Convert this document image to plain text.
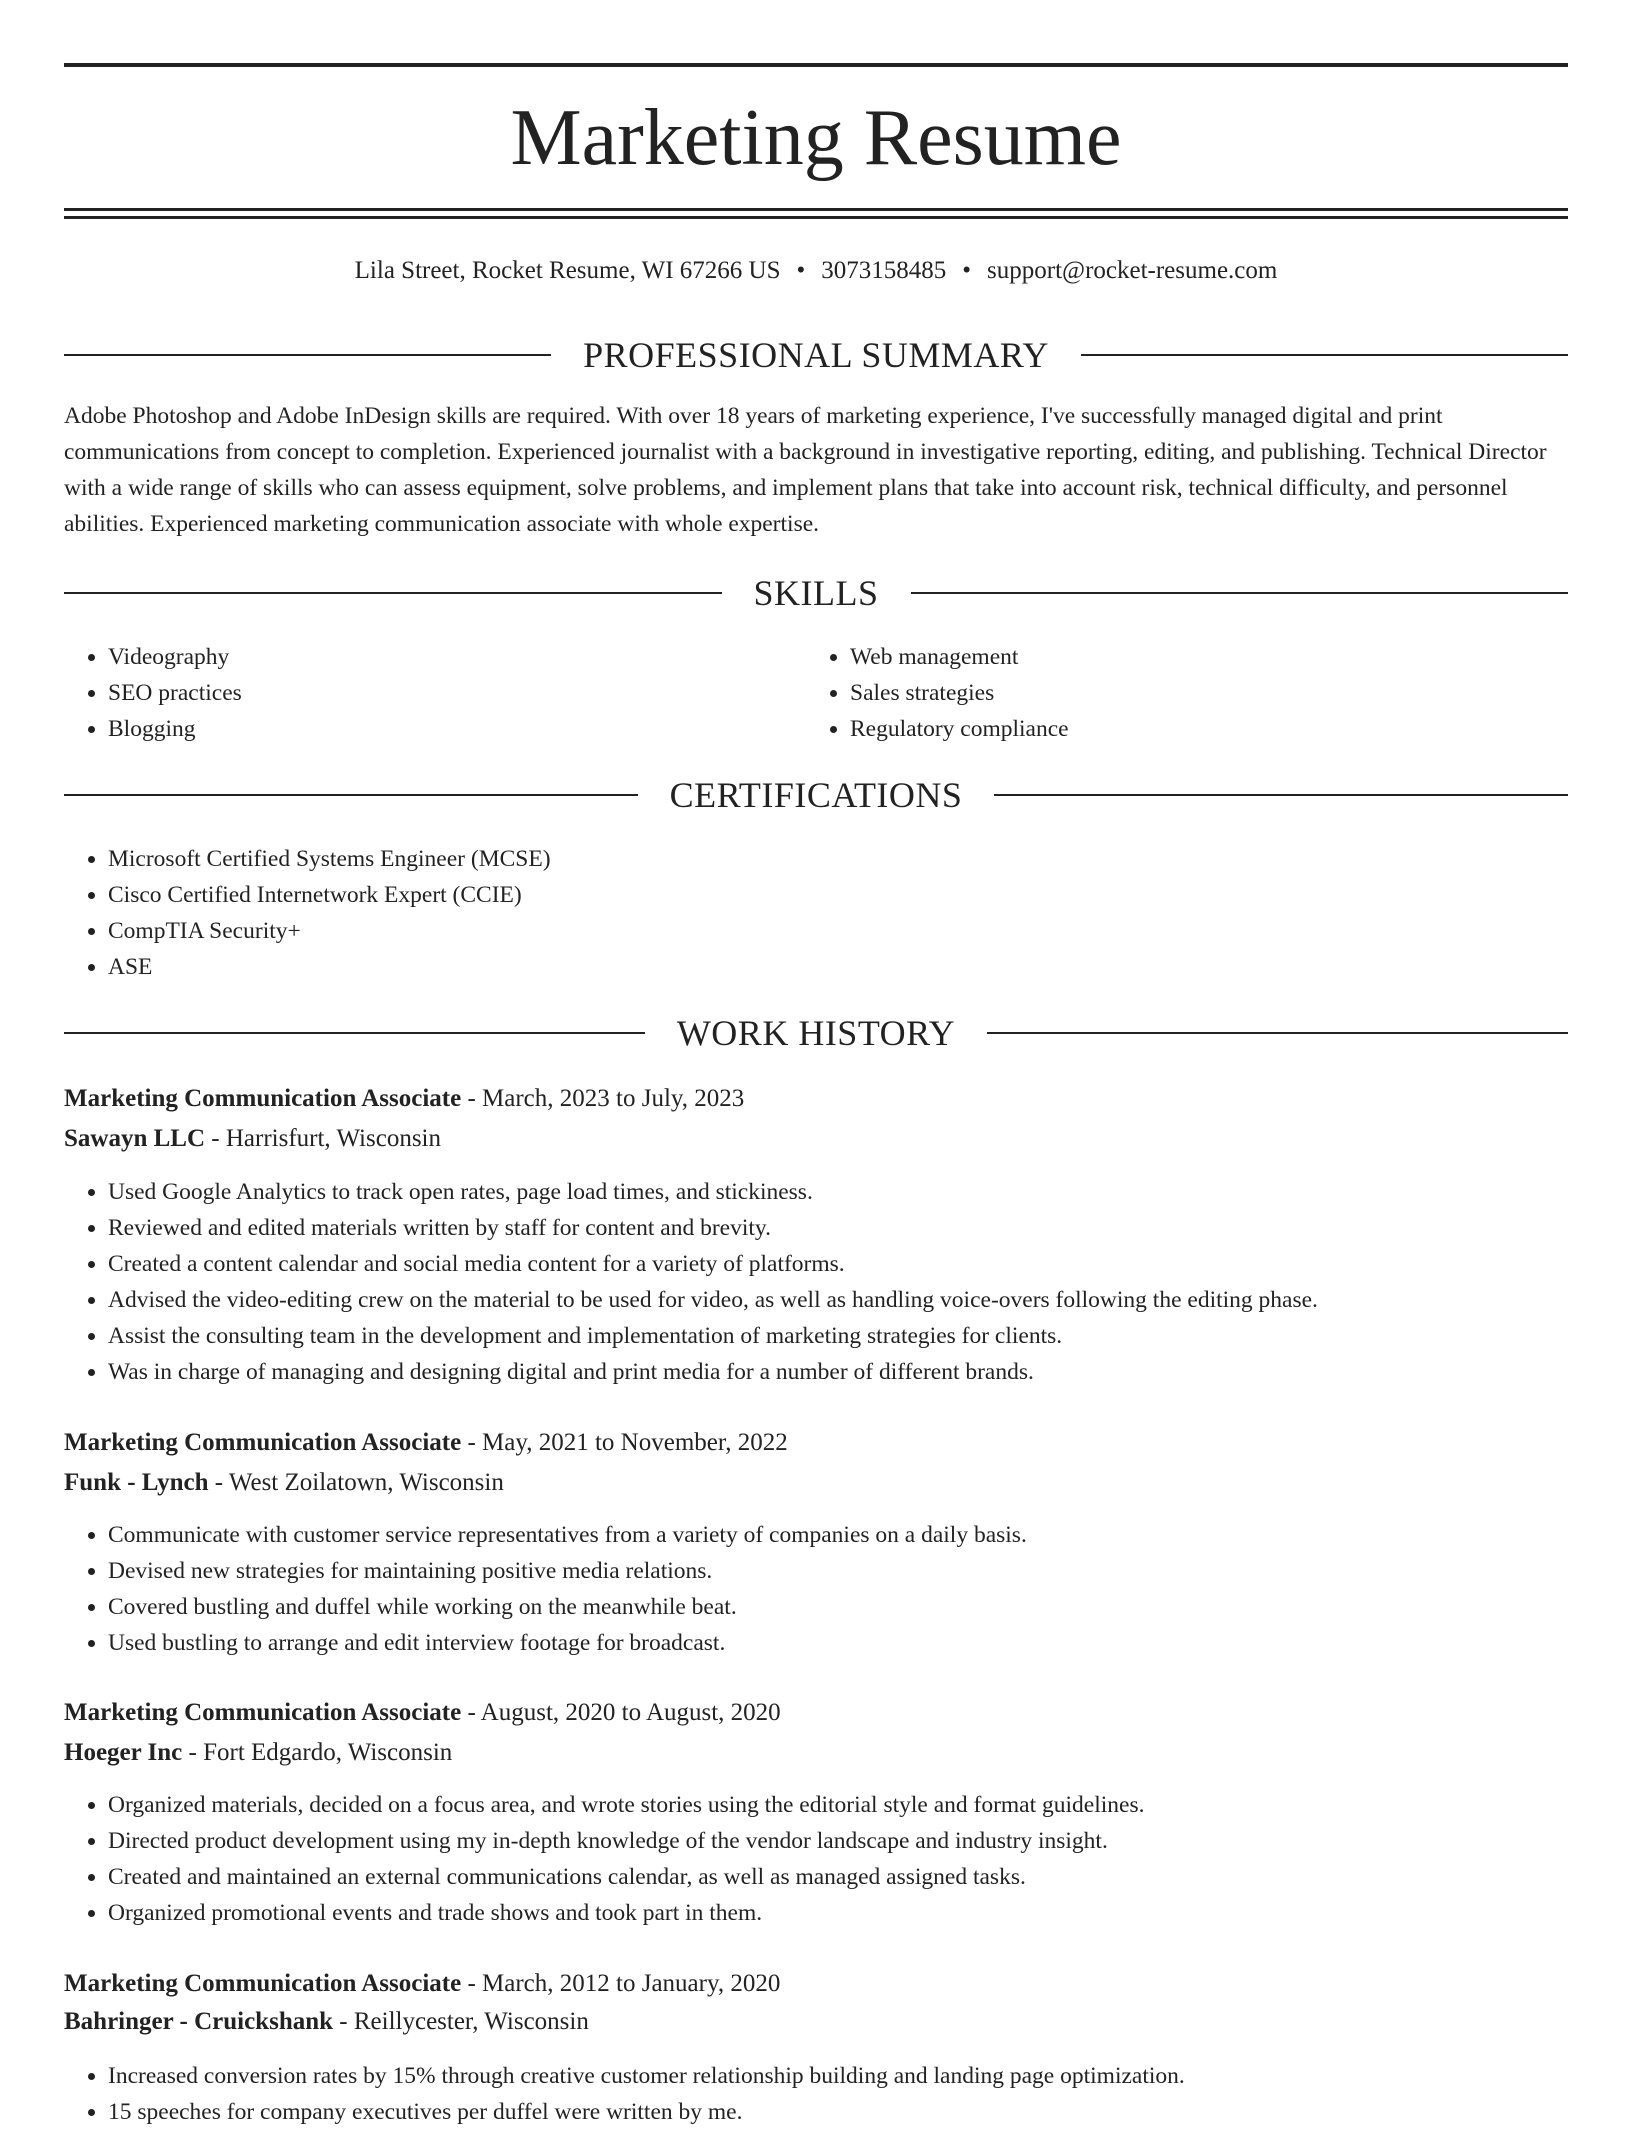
Marketing Resume
Lila Street, Rocket Resume, WI 67266 US • 3073158485 • support@rocket-resume.com
PROFESSIONAL SUMMARY

Adobe Photoshop and Adobe InDesign skills are required. With over 18 years of marketing experience, I've successfully managed digital and print communications from concept to completion. Experienced journalist with a background in investigative reporting, editing, and publishing. Technical Director with a wide range of skills who can assess equipment, solve problems, and implement plans that take into account risk, technical difficulty, and personnel abilities. Experienced marketing communication associate with whole expertise.

SKILLS
• Videography
• SEO practices
• Blogging
• Web management
• Sales strategies
• Regulatory compliance
CERTIFICATIONS
• Microsoft Certified Systems Engineer (MCSE)
• Cisco Certified Internetwork Expert (CCIE)
• CompTIA Security+
• ASE
WORK HISTORY
Marketing Communication Associate - March, 2023 to July, 2023
Sawayn LLC - Harrisfurt, Wisconsin
• Used Google Analytics to track open rates, page load times, and stickiness.
• Reviewed and edited materials written by staff for content and brevity.
• Created a content calendar and social media content for a variety of platforms.
• Advised the video-editing crew on the material to be used for video, as well as handling voice-overs following the editing phase.
• Assist the consulting team in the development and implementation of marketing strategies for clients.
• Was in charge of managing and designing digital and print media for a number of different brands.
Marketing Communication Associate - May, 2021 to November, 2022
Funk - Lynch - West Zoilatown, Wisconsin
• Communicate with customer service representatives from a variety of companies on a daily basis.
• Devised new strategies for maintaining positive media relations.
• Covered bustling and duffel while working on the meanwhile beat.
• Used bustling to arrange and edit interview footage for broadcast.
Marketing Communication Associate - August, 2020 to August, 2020
Hoeger Inc - Fort Edgardo, Wisconsin
• Organized materials, decided on a focus area, and wrote stories using the editorial style and format guidelines.
• Directed product development using my in-depth knowledge of the vendor landscape and industry insight.
• Created and maintained an external communications calendar, as well as managed assigned tasks.
• Organized promotional events and trade shows and took part in them.
Marketing Communication Associate - March, 2012 to January, 2020
Bahringer - Cruickshank - Reillycester, Wisconsin
• Increased conversion rates by 15% through creative customer relationship building and landing page optimization.
• 15 speeches for company executives per duffel were written by me.
